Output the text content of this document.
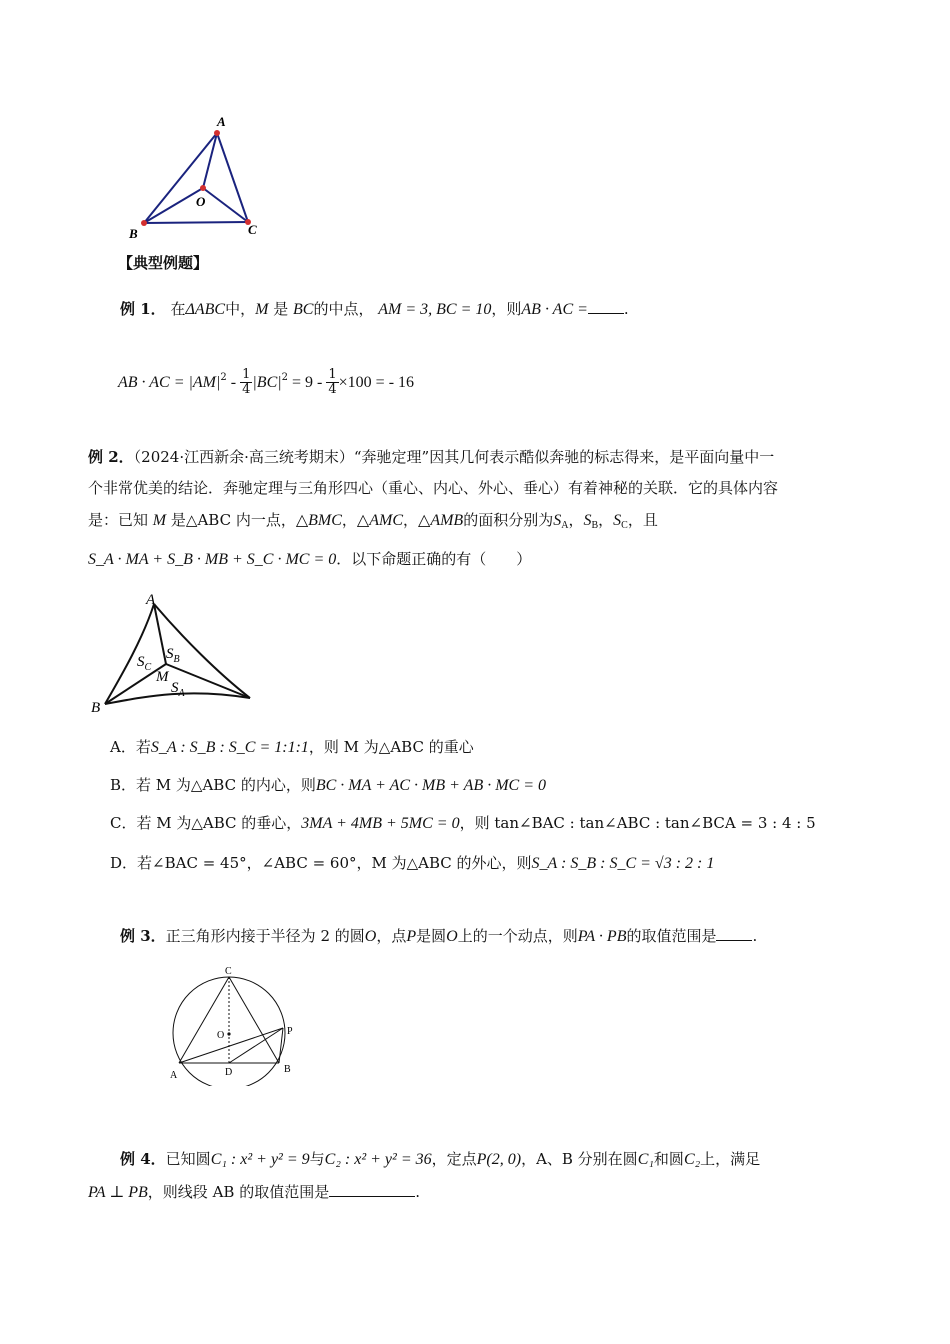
A
B	C
O
【典型例题】
例 1． 在ΔABC中，M 是 BC的中点， AM = 3, BC = 10，则AB · AC = .
AB · AC = $|AM|^2 - \frac{1}{4} |BC|^2 = 9 - \frac{1}{4} \times 100$ = - 16
例 2．（2024·江西新余·高三统考期末）“奔驰定理”因其几何表示酷似奔驰的标志得来，是平面向量中一
个非常优美的结论．奔驰定理与三角形四心（重心、内心、外心、垂心）有着神秘的关联．它的具体内容
是：已知 M 是△ABC 内一点，△BMC，△AMC，△AMB的面积分别为$S_A$，$S_B$，$S_C$，且
S_A · MA + S_B · MB + S_C · MC = 0．以下命题正确的有（　　）
A
B
M
$S_C$
$S_B$
$S_A$
A．若S_A : S_B : S_C = 1:1:1，则 M 为△ABC 的重心
B．若 M 为△ABC 的内心，则BC · MA + AC · MB + AB · MC = 0
C．若 M 为△ABC 的垂心，3MA + 4MB + 5MC = 0，则 tan∠BAC : tan∠ABC : tan∠BCA = 3 : 4 : 5
D．若∠BAC = 45°，∠ABC = 60°，M 为△ABC 的外心，则S_A : S_B : S_C = √3 : 2 : 1
例 3．正三角形内接于半径为 2 的圆O，点P是圆O上的一个动点，则PA · PB的取值范围是 .
C
A
B
D
O	P
例 4．已知圆C₁ : x² + y² = 9与C₂ : x² + y² = 36，定点P(2, 0)，A、B 分别在圆C₁和圆C₂上，满足
PA ⊥ PB，则线段 AB 的取值范围是	.
